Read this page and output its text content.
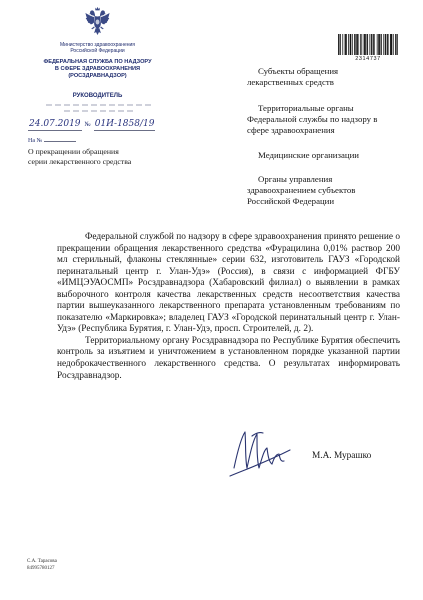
Министерство здравоохранения
Российской Федерации
ФЕДЕРАЛЬНАЯ СЛУЖБА ПО НАДЗОРУ
В СФЕРЕ ЗДРАВООХРАНЕНИЯ
(РОСЗДРАВНАДЗОР)
РУКОВОДИТЕЛЬ
24.07.2019 № 01И-1858/19
На №
О прекращении обращения
серии лекарственного средства
2314737
Субъекты обращения
лекарственных средств
Территориальные органы
Федеральной службы по надзору в
сфере здравоохранения
Медицинские организации
Органы управления
здравоохранением субъектов
Российской Федерации

Федеральной службой по надзору в сфере здравоохранения принято решение о прекращении обращения лекарственного средства «Фурацилина 0,01% раствор 200 мл стерильный, флаконы стеклянные» серии 632, изготовитель ГАУЗ «Городской перинатальный центр г. Улан-Удэ» (Россия), в связи с информацией ФГБУ «ИМЦЭУАОСМП» Росздравнадзора (Хабаровский филиал) о выявлении в рамках выборочного контроля качества лекарственных средств несоответствия качества партии вышеуказанного лекарственного препарата установленным требованиям по показателю «Маркировка»; владелец ГАУЗ «Городской перинатальный центр г. Улан-Удэ» (Республика Бурятия, г. Улан-Удэ, просп. Строителей, д. 2).

Территориальному органу Росздравнадзора по Республике Бурятия обеспечить контроль за изъятием и уничтожением в установленном порядке указанной партии недоброкачественного лекарственного средства. О результатах информировать Росздравнадзор.

М.А. Мурашко
С.А. Тарасова
84995780127
